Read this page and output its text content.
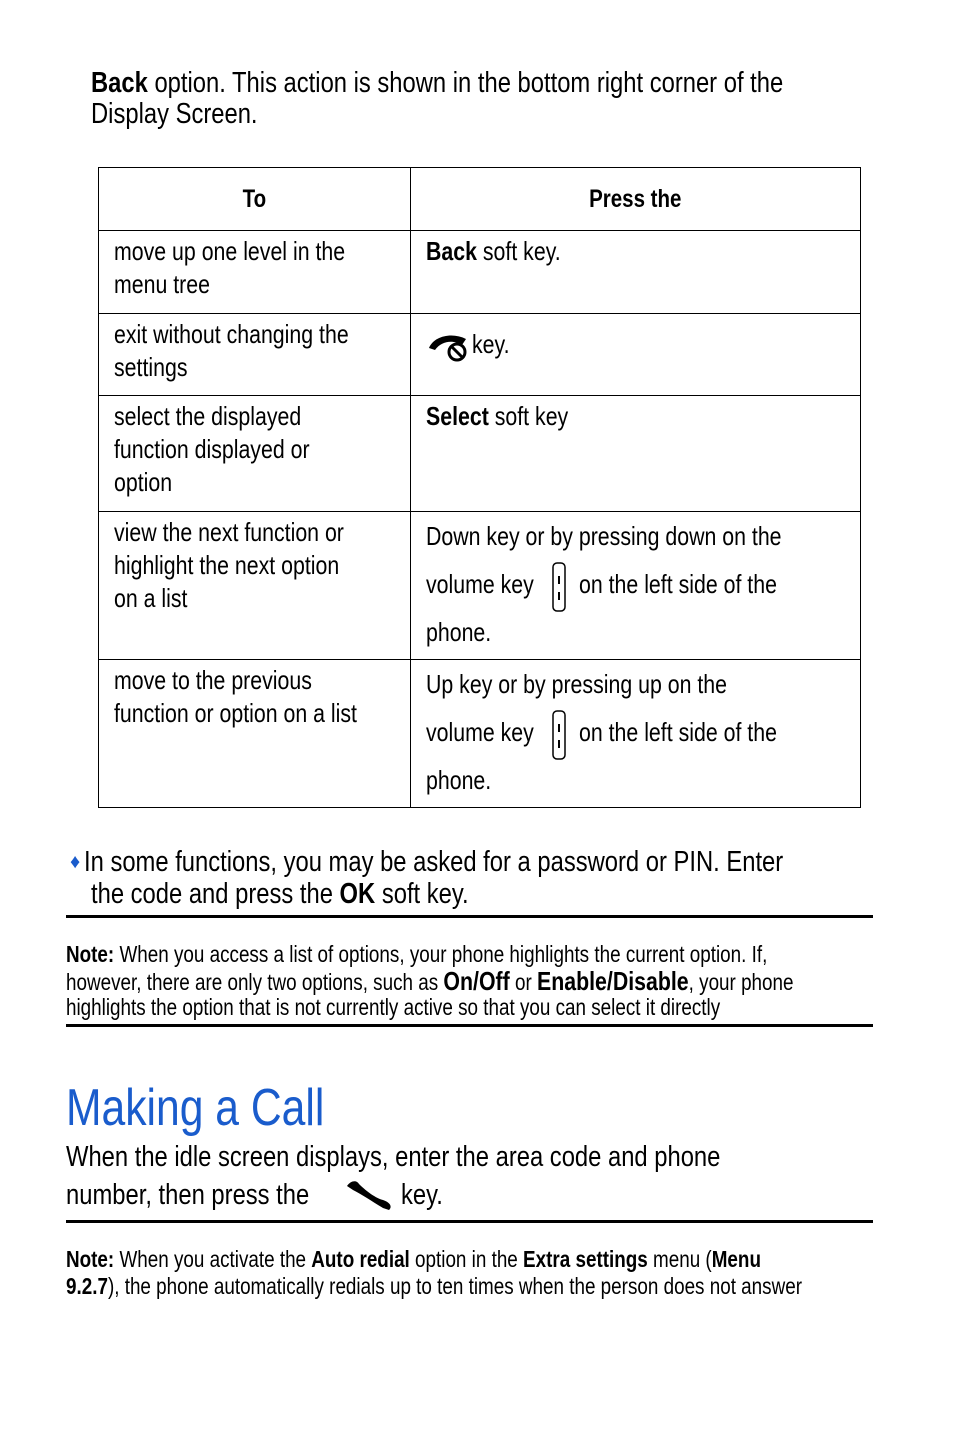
Back option. This action is shown in the bottom right corner of the
Display Screen.
To	Press the

move up one level in the
menu tree	Back soft key.

exit without changing the
settings	key.

select the displayed
function displayed or
option	Select soft key

view the next function or
highlight the next option
on a list	Down key or by pressing down on the
volume key on the left side of the
phone.

move to the previous
function or option on a list	Up key or by pressing up on the
volume key on the left side of the
phone.
♦ In some functions, you may be asked for a password or PIN. Enter
the code and press the OK soft key.
Note: When you access a list of options, your phone highlights the current option. If,
however, there are only two options, such as On/Off or Enable/Disable, your phone
highlights the option that is not currently active so that you can select it directly
Making a Call
When the idle screen displays, enter the area code and phone
number, then press the	key.
Note: When you activate the Auto redial option in the Extra settings menu (Menu
9.2.7), the phone automatically redials up to ten times when the person does not answer
